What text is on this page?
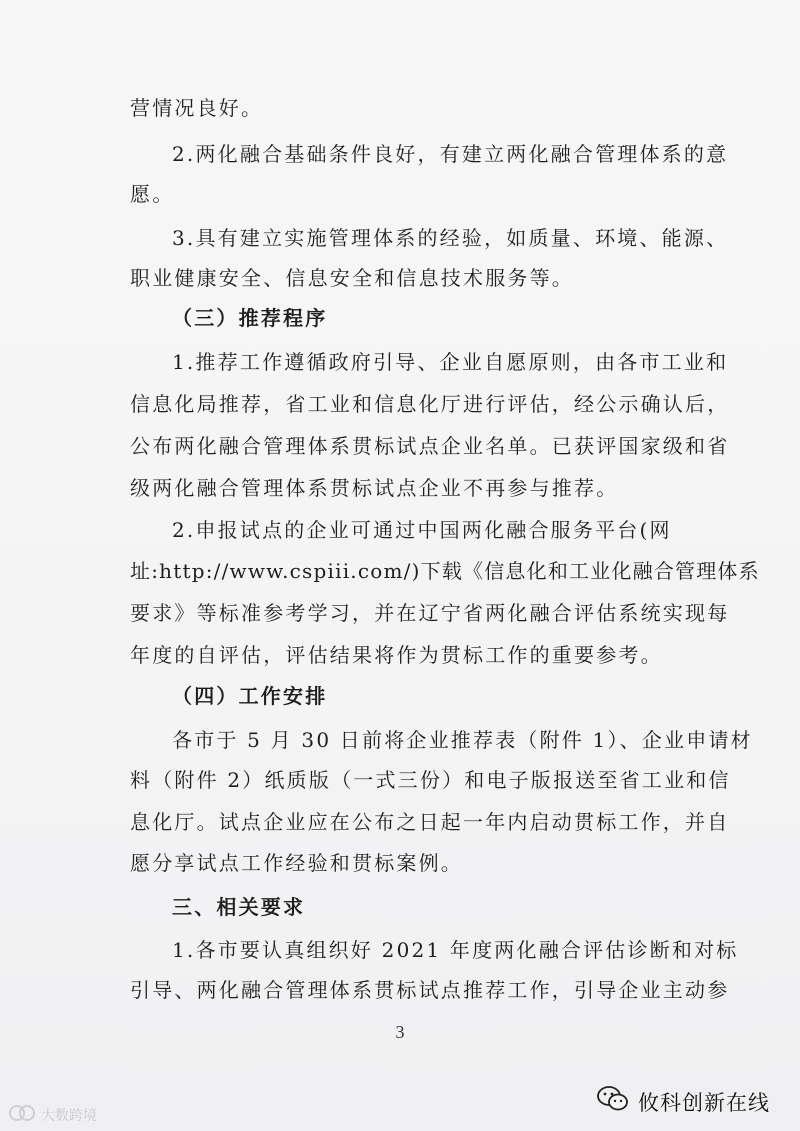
营情况良好。
2.两化融合基础条件良好，有建立两化融合管理体系的意
愿。
3.具有建立实施管理体系的经验，如质量、环境、能源、
职业健康安全、信息安全和信息技术服务等。
（三）推荐程序
1.推荐工作遵循政府引导、企业自愿原则，由各市工业和
信息化局推荐，省工业和信息化厅进行评估，经公示确认后，
公布两化融合管理体系贯标试点企业名单。已获评国家级和省
级两化融合管理体系贯标试点企业不再参与推荐。
2.申报试点的企业可通过中国两化融合服务平台(网
址:http://www.cspiii.com/)下载《信息化和工业化融合管理体系
要求》等标准参考学习，并在辽宁省两化融合评估系统实现每
年度的自评估，评估结果将作为贯标工作的重要参考。
（四）工作安排
各市于 5 月 30 日前将企业推荐表（附件 1）、企业申请材
料（附件 2）纸质版（一式三份）和电子版报送至省工业和信
息化厅。试点企业应在公布之日起一年内启动贯标工作，并自
愿分享试点工作经验和贯标案例。
三、相关要求
1.各市要认真组织好 2021 年度两化融合评估诊断和对标
引导、两化融合管理体系贯标试点推荐工作，引导企业主动参
3
大数跨境
攸科创新在线
